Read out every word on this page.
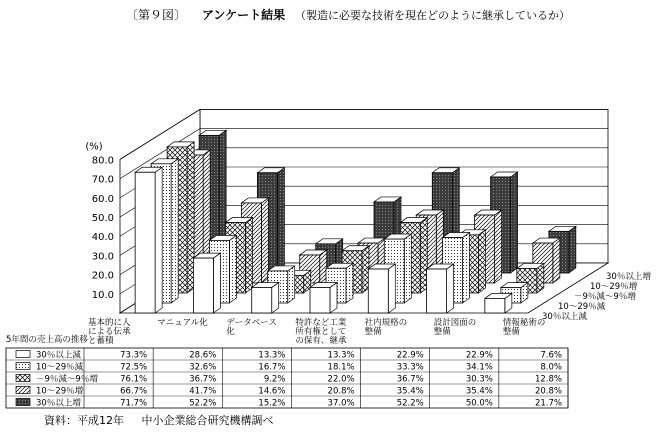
〔第９図〕 アンケート結果 （製造に必要な技術を現在どのように継承しているか）
10.0
20.0
30.0
40.0
50.0
60.0
70.0
80.0
(%)
30％以上減
10～29％減
－9％減～9％増
10～29％増
30％以上増
基本的に人
による伝承
と蓄積
マニュアル化 データベース
化
特許など工業
所有権として
の保有、継承
社内規格の
整備
設計図面の
整備
情報秘術の
整備
5年間の売上高の推移
30％以上減	73.3%	28.6%	13.3%	13.3%	22.9%	22.9%	7.6%
10～29％減	72.5%	32.6%	16.7%	18.1%	33.3%	34.1%	8.0%
－9％減～9％増	76.1%	36.7%	9.2%	22.0%	36.7%	30.3%	12.8%
10～29％増	66.7%	41.7%	14.6%	20.8%	35.4%	35.4%	20.8%
30％以上増	71.7%	52.2%	15.2%	37.0%	52.2%	50.0%	21.7%
資料：平成12年 中小企業総合研究機構調べ
